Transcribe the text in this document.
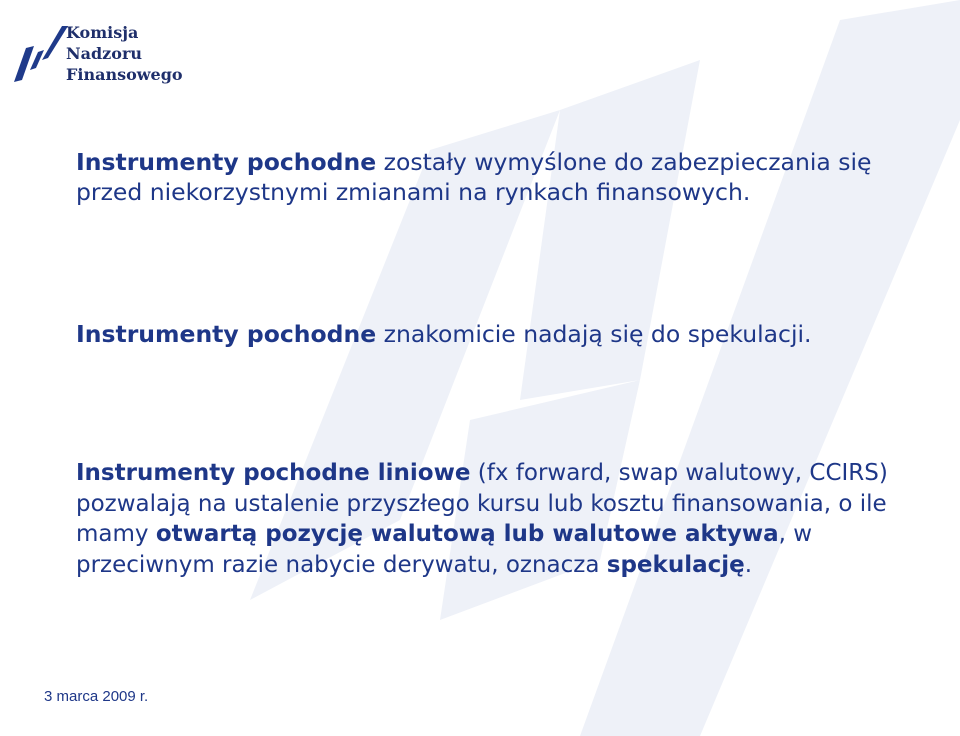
Komisja
Nadzoru
Finansowego
Instrumenty pochodne zostały wymyślone do zabezpieczania się przed niekorzystnymi zmianami na rynkach finansowych.
Instrumenty pochodne znakomicie nadają się do spekulacji.
Instrumenty pochodne liniowe (fx forward, swap walutowy, CCIRS) pozwalają na ustalenie przyszłego kursu lub kosztu finansowania, o ile mamy otwartą pozycję walutową lub walutowe aktywa, w przeciwnym razie nabycie derywatu, oznacza spekulację.
3 marca 2009 r.
